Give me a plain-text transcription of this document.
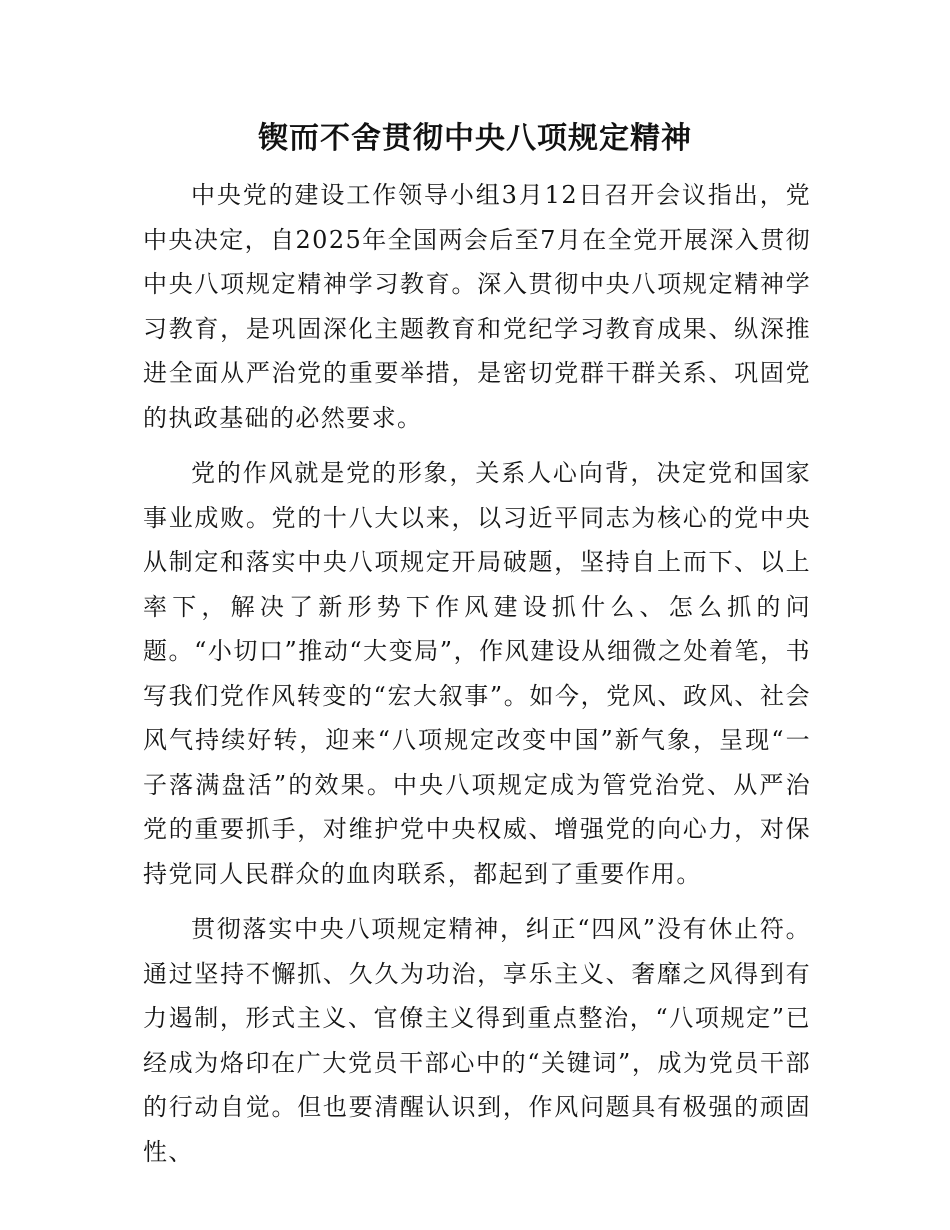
锲而不舍贯彻中央八项规定精神

中央党的建设工作领导小组3月12日召开会议指出，党中央决定，自2025年全国两会后至7月在全党开展深入贯彻中央八项规定精神学习教育。深入贯彻中央八项规定精神学习教育，是巩固深化主题教育和党纪学习教育成果、纵深推进全面从严治党的重要举措，是密切党群干群关系、巩固党的执政基础的必然要求。

党的作风就是党的形象，关系人心向背，决定党和国家事业成败。党的十八大以来，以习近平同志为核心的党中央从制定和落实中央八项规定开局破题，坚持自上而下、以上率下，解决了新形势下作风建设抓什么、怎么抓的问题。“小切口”推动“大变局”，作风建设从细微之处着笔，书写我们党作风转变的“宏大叙事”。如今，党风、政风、社会风气持续好转，迎来“八项规定改变中国”新气象，呈现“一子落满盘活”的效果。中央八项规定成为管党治党、从严治党的重要抓手，对维护党中央权威、增强党的向心力，对保持党同人民群众的血肉联系，都起到了重要作用。

贯彻落实中央八项规定精神，纠正“四风”没有休止符。通过坚持不懈抓、久久为功治，享乐主义、奢靡之风得到有力遏制，形式主义、官僚主义得到重点整治，“八项规定”已经成为烙印在广大党员干部心中的“关键词”，成为党员干部的行动自觉。但也要清醒认识到，作风问题具有极强的顽固性、
